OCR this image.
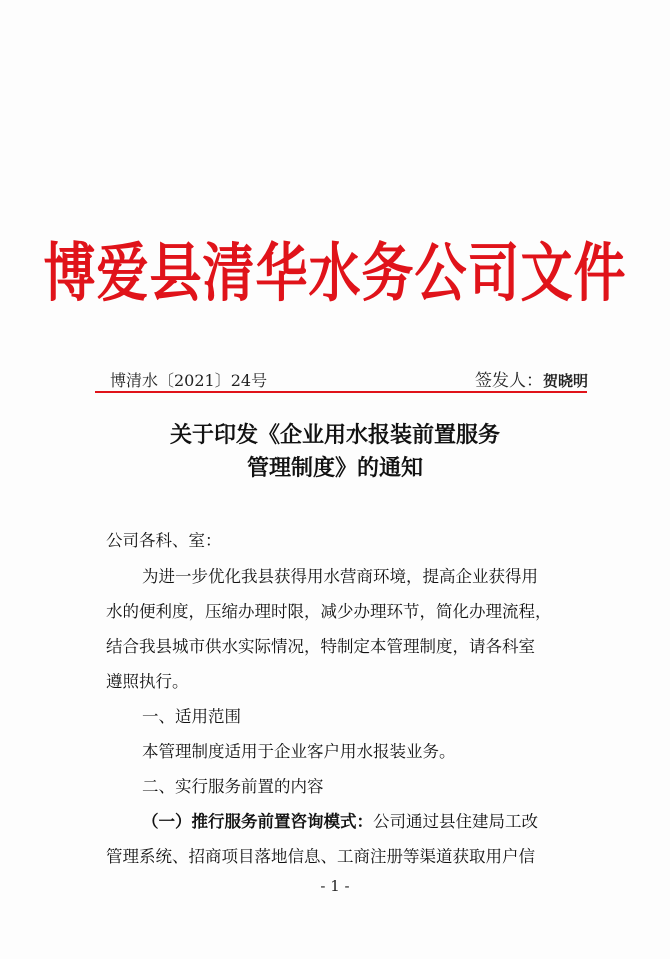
博爱县清华水务公司文件
博清水〔2021〕24号	签发人：贺晓明
关于印发《企业用水报装前置服务
管理制度》的通知
公司各科、室：
为进一步优化我县获得用水营商环境，提高企业获得用
水的便利度，压缩办理时限，减少办理环节，简化办理流程，
结合我县城市供水实际情况，特制定本管理制度，请各科室
遵照执行。
一、适用范围
本管理制度适用于企业客户用水报装业务。
二、实行服务前置的内容
（一）推行服务前置咨询模式：公司通过县住建局工改
管理系统、招商项目落地信息、工商注册等渠道获取用户信
- 1 -
